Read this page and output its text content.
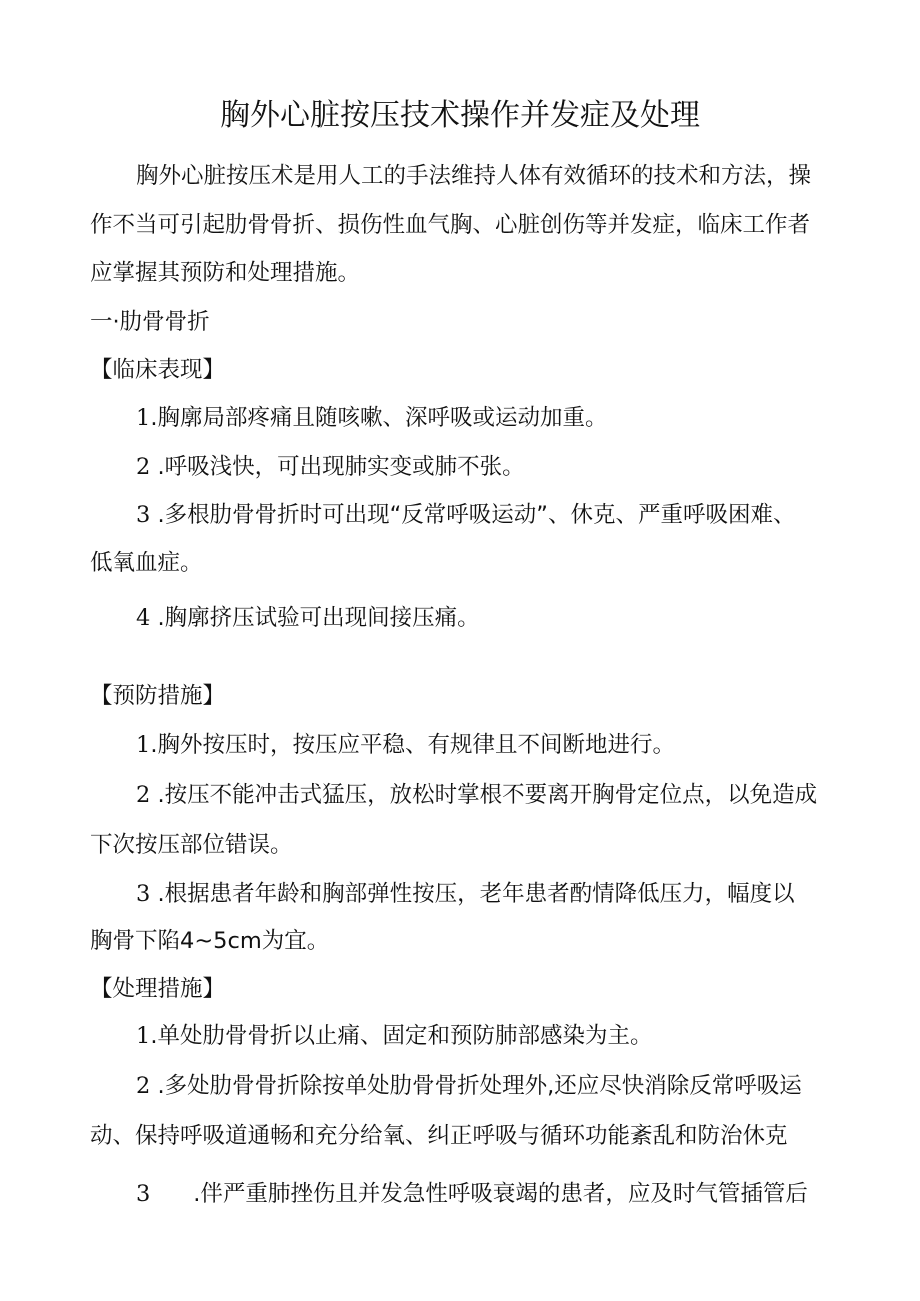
胸外心脏按压技术操作并发症及处理
胸外心脏按压术是用人工的手法维持人体有效循环的技术和方法，操
作不当可引起肋骨骨折、损伤性血气胸、心脏创伤等并发症，临床工作者
应掌握其预防和处理措施。
一·肋骨骨折
【临床表现】
1.胸廓局部疼痛且随咳嗽、深呼吸或运动加重。
2 .呼吸浅快，可出现肺实变或肺不张。
3 .多根肋骨骨折时可出现“反常呼吸运动”、休克、严重呼吸困难、
低氧血症。
4 .胸廓挤压试验可出现间接压痛。
【预防措施】
1.胸外按压时，按压应平稳、有规律且不间断地进行。
2 .按压不能冲击式猛压，放松时掌根不要离开胸骨定位点，以免造成
下次按压部位错误。
3 .根据患者年龄和胸部弹性按压，老年患者酌情降低压力，幅度以
胸骨下陷4~5cm为宜。
【处理措施】
1.单处肋骨骨折以止痛、固定和预防肺部感染为主。
2 .多处肋骨骨折除按单处肋骨骨折处理外,还应尽快消除反常呼吸运
动、保持呼吸道通畅和充分给氧、纠正呼吸与循环功能紊乱和防治休克
3      .伴严重肺挫伤且并发急性呼吸衰竭的患者，应及时气管插管后
